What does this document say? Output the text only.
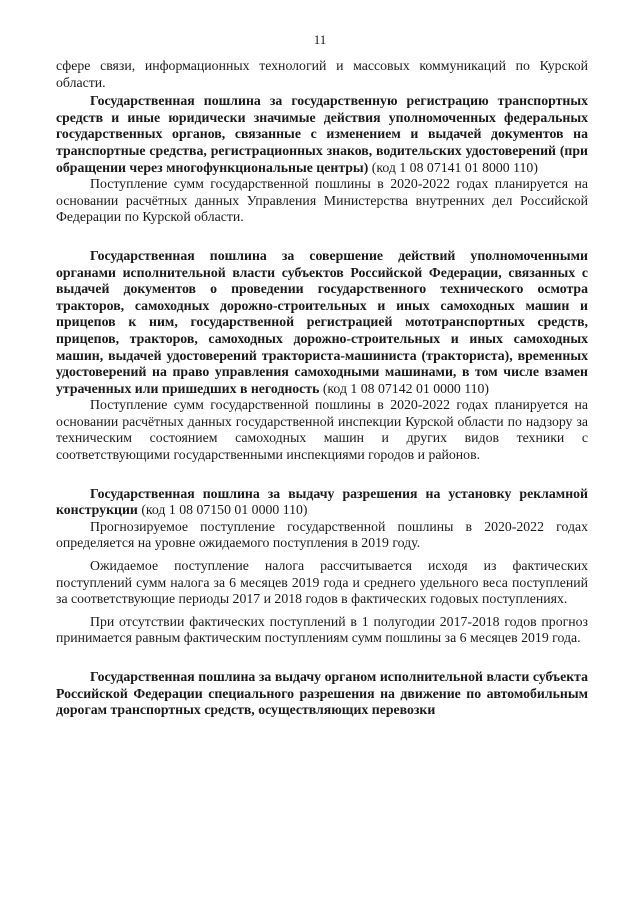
11

сфере связи, информационных технологий и массовых коммуникаций по Курской области.

Государственная пошлина за государственную регистрацию транспортных средств и иные юридически значимые действия уполномоченных федеральных государственных органов, связанные с изменением и выдачей документов на транспортные средства, регистрационных знаков, водительских удостоверений (при обращении через многофункциональные центры) (код 1 08 07141 01 8000 110)

Поступление сумм государственной пошлины в 2020-2022 годах планируется на основании расчётных данных Управления Министерства внутренних дел Российской Федерации по Курской области.

Государственная пошлина за совершение действий уполномоченными органами исполнительной власти субъектов Российской Федерации, связанных с выдачей документов о проведении государственного технического осмотра тракторов, самоходных дорожно-строительных и иных самоходных машин и прицепов к ним, государственной регистрацией мототранспортных средств, прицепов, тракторов, самоходных дорожно-строительных и иных самоходных машин, выдачей удостоверений тракториста-машиниста (тракториста), временных удостоверений на право управления самоходными машинами, в том числе взамен утраченных или пришедших в негодность (код 1 08 07142 01 0000 110)

Поступление сумм государственной пошлины в 2020-2022 годах планируется на основании расчётных данных государственной инспекции Курской области по надзору за техническим состоянием самоходных машин и других видов техники с соответствующими государственными инспекциями городов и районов.

Государственная пошлина за выдачу разрешения на установку рекламной конструкции (код 1 08 07150 01 0000 110)

Прогнозируемое поступление государственной пошлины в 2020-2022 годах определяется на уровне ожидаемого поступления в 2019 году.

Ожидаемое поступление налога рассчитывается исходя из фактических поступлений сумм налога за 6 месяцев 2019 года и среднего удельного веса поступлений за соответствующие периоды 2017 и 2018 годов в фактических годовых поступлениях.

При отсутствии фактических поступлений в 1 полугодии 2017-2018 годов прогноз принимается равным фактическим поступлениям сумм пошлины за 6 месяцев 2019 года.

Государственная пошлина за выдачу органом исполнительной власти субъекта Российской Федерации специального разрешения на движение по автомобильным дорогам транспортных средств, осуществляющих перевозки
